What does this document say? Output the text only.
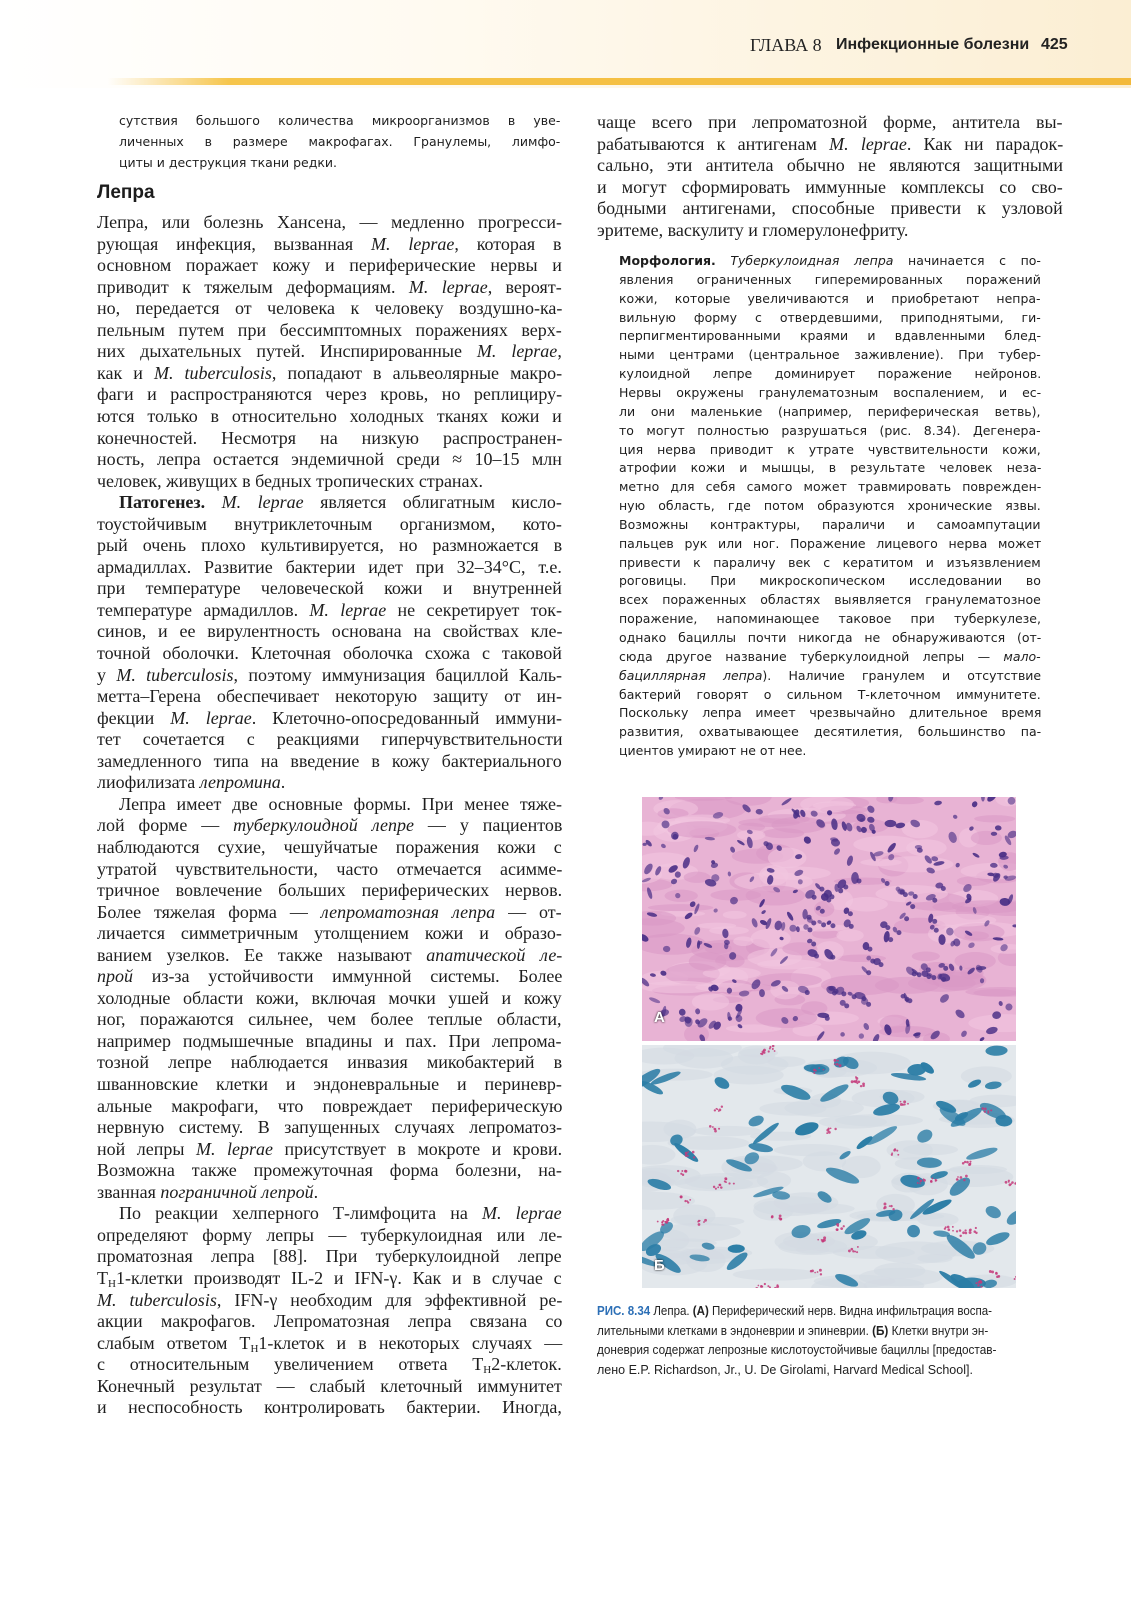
ГЛАВА 8 Инфекционные болезни 425
сутствия большого количества микроорганизмов в уве-
личенных в размере макрофагах. Гранулемы, лимфо-
циты и деструкция ткани редки.
Лепра
Лепра, или болезнь Хансена, — медленно прогресси-
рующая инфекция, вызванная M. leprae, которая в
основном поражает кожу и периферические нервы и
приводит к тяжелым деформациям. M. leprae, вероят-
но, передается от человека к человеку воздушно-ка-
пельным путем при бессимптомных поражениях верх-
них дыхательных путей. Инспирированные M. leprae,
как и M. tuberculosis, попадают в альвеолярные макро-
фаги и распространяются через кровь, но реплициру-
ются только в относительно холодных тканях кожи и
конечностей. Несмотря на низкую распространен-
ность, лепра остается эндемичной среди ≈ 10–15 млн
человек, живущих в бедных тропических странах.
Патогенез. M. leprae является облигатным кисло-
тоустойчивым внутриклеточным организмом, кото-
рый очень плохо культивируется, но размножается в
армадиллах. Развитие бактерии идет при 32–34°С, т.е.
при температуре человеческой кожи и внутренней
температуре армадиллов. M. leprae не секретирует ток-
синов, и ее вирулентность основана на свойствах кле-
точной оболочки. Клеточная оболочка схожа с таковой
у M. tuberculosis, поэтому иммунизация бациллой Каль-
метта–Герена обеспечивает некоторую защиту от ин-
фекции M. leprae. Клеточно-опосредованный иммуни-
тет сочетается с реакциями гиперчувствительности
замедленного типа на введение в кожу бактериального
лиофилизата лепромина.
Лепра имеет две основные формы. При менее тяже-
лой форме — туберкулоидной лепре — у пациентов
наблюдаются сухие, чешуйчатые поражения кожи с
утратой чувствительности, часто отмечается асимме-
тричное вовлечение больших периферических нервов.
Более тяжелая форма — лепроматозная лепра — от-
личается симметричным утолщением кожи и образо-
ванием узелков. Ее также называют апатической ле-
прой из-за устойчивости иммунной системы. Более
холодные области кожи, включая мочки ушей и кожу
ног, поражаются сильнее, чем более теплые области,
например подмышечные впадины и пах. При лепрома-
тозной лепре наблюдается инвазия микобактерий в
шванновские клетки и эндоневральные и периневр-
альные макрофаги, что повреждает периферическую
нервную систему. В запущенных случаях лепроматоз-
ной лепры M. leprae присутствует в мокроте и крови.
Возможна также промежуточная форма болезни, на-
званная пограничной лепрой.
По реакции хелперного Т-лимфоцита на M. leprae
определяют форму лепры — туберкулоидная или ле-
проматозная лепра [88]. При туберкулоидной лепре
$Т_Н1$-клетки производят IL-2 и IFN-γ. Как и в случае с
M. tuberculosis, IFN-γ необходим для эффективной ре-
акции макрофагов. Лепроматозная лепра связана со
слабым ответом $Т_Н1$-клеток и в некоторых случаях —
с относительным увеличением ответа $Т_Н2$-клеток.
Конечный результат — слабый клеточный иммунитет
и неспособность контролировать бактерии. Иногда,
чаще всего при лепроматозной форме, антитела вы-
рабатываются к антигенам M. leprae. Как ни парадок-
сально, эти антитела обычно не являются защитными
и могут сформировать иммунные комплексы со сво-
бодными антигенами, способные привести к узловой
эритеме, васкулиту и гломерулонефриту.
Морфология. Туберкулоидная лепра начинается с по-
явления ограниченных гиперемированных поражений
кожи, которые увеличиваются и приобретают непра-
вильную форму с отвердевшими, приподнятыми, ги-
перпигментированными краями и вдавленными блед-
ными центрами (центральное заживление). При тубер-
кулоидной лепре доминирует поражение нейронов.
Нервы окружены гранулематозным воспалением, и ес-
ли они маленькие (например, периферическая ветвь),
то могут полностью разрушаться (рис. 8.34). Дегенера-
ция нерва приводит к утрате чувствительности кожи,
атрофии кожи и мышцы, в результате человек неза-
метно для себя самого может травмировать поврежден-
ную область, где потом образуются хронические язвы.
Возможны контрактуры, параличи и самоампутации
пальцев рук или ног. Поражение лицевого нерва может
привести к параличу век с кератитом и изъязвлением
роговицы. При микроскопическом исследовании во
всех пораженных областях выявляется гранулематозное
поражение, напоминающее таковое при туберкулезе,
однако бациллы почти никогда не обнаруживаются (от-
сюда другое название туберкулоидной лепры — мало-
бациллярная лепра). Наличие гранулем и отсутствие
бактерий говорят о сильном Т-клеточном иммунитете.
Поскольку лепра имеет чрезвычайно длительное время
развития, охватывающее десятилетия, большинство па-
циентов умирают не от нее.
А
Б
РИС. 8.34 Лепра. (А) Периферический нерв. Видна инфильтрация воспа-
лительными клетками в эндоневрии и эпиневрии. (Б) Клетки внутри эн-
доневрия содержат лепрозные кислотоустойчивые бациллы [предостав-
лено E.P. Richardson, Jr., U. De Girolami, Harvard Medical School].
